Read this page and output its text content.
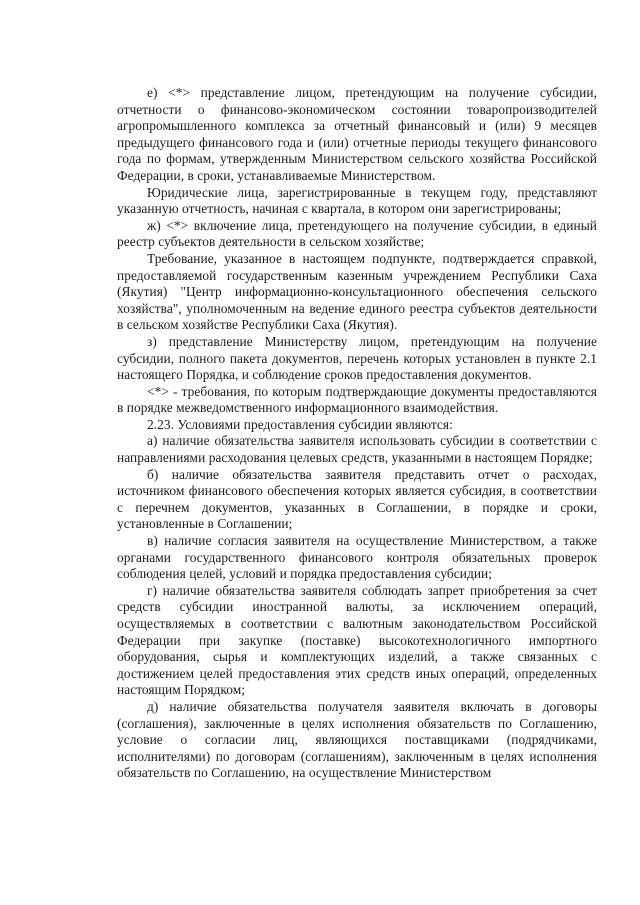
е) <*> представление лицом, претендующим на получение субсидии, отчетности о финансово-экономическом состоянии товаропроизводителей агропромышленного комплекса за отчетный финансовый и (или) 9 месяцев предыдущего финансового года и (или) отчетные периоды текущего финансового года по формам, утвержденным Министерством сельского хозяйства Российской Федерации, в сроки, устанавливаемые Министерством.

Юридические лица, зарегистрированные в текущем году, представляют указанную отчетность, начиная с квартала, в котором они зарегистрированы;

ж) <*> включение лица, претендующего на получение субсидии, в единый реестр субъектов деятельности в сельском хозяйстве;

Требование, указанное в настоящем подпункте, подтверждается справкой, предоставляемой государственным казенным учреждением Республики Саха (Якутия) "Центр информационно-консультационного обеспечения сельского хозяйства", уполномоченным на ведение единого реестра субъектов деятельности в сельском хозяйстве Республики Саха (Якутия).

з) представление Министерству лицом, претендующим на получение субсидии, полного пакета документов, перечень которых установлен в пункте 2.1 настоящего Порядка, и соблюдение сроков предоставления документов.

<*> - требования, по которым подтверждающие документы предоставляются в порядке межведомственного информационного взаимодействия.

2.23. Условиями предоставления субсидии являются:

а) наличие обязательства заявителя использовать субсидии в соответствии с направлениями расходования целевых средств, указанными в настоящем Порядке;

б) наличие обязательства заявителя представить отчет о расходах, источником финансового обеспечения которых является субсидия, в соответствии с перечнем документов, указанных в Соглашении, в порядке и сроки, установленные в Соглашении;

в) наличие согласия заявителя на осуществление Министерством, а также органами государственного финансового контроля обязательных проверок соблюдения целей, условий и порядка предоставления субсидии;

г) наличие обязательства заявителя соблюдать запрет приобретения за счет средств субсидии иностранной валюты, за исключением операций, осуществляемых в соответствии с валютным законодательством Российской Федерации при закупке (поставке) высокотехнологичного импортного оборудования, сырья и комплектующих изделий, а также связанных с достижением целей предоставления этих средств иных операций, определенных настоящим Порядком;

д) наличие обязательства получателя заявителя включать в договоры (соглашения), заключенные в целях исполнения обязательств по Соглашению, условие о согласии лиц, являющихся поставщиками (подрядчиками, исполнителями) по договорам (соглашениям), заключенным в целях исполнения обязательств по Соглашению, на осуществление Министерством
